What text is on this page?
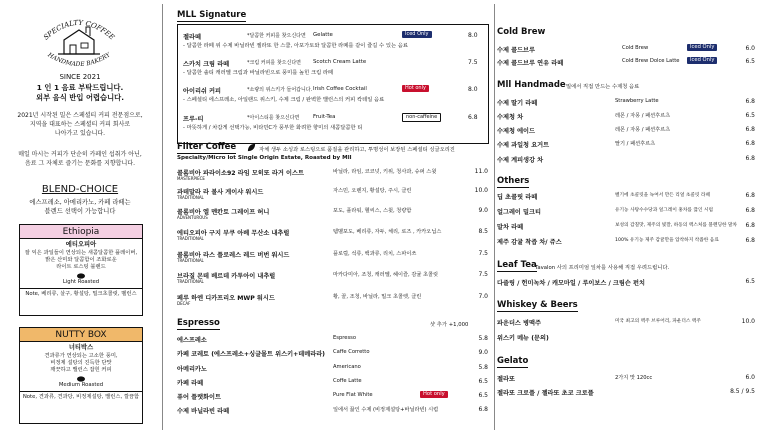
SPECIALTY COFFEE
HANDMADE BAKERY
SINCE 2021
1 인 1 음료 부탁드립니다.
외부 음식 반입 어렵습니다.
2021년 시작된 밀은 스페셜티 커피 전문점으로,
지역을 대표하는 스페셜티 커피 회사로
나아가고 있습니다.
매일 마시는 커피가 단순히 카페인 섭취가 아닌,
음료 그 자체로 즐기는 문화를 지향합니다.
BLEND-CHOICE
에스프레소, 아메리카노, 카페 라떼는
블렌드 선택이 가능합니다
Ethiopia
에티오피아
잘 익은 과일들이 연상되는 새콤달콤한 플레이버,
밝은 산미와 달콤함이 조화로운
라이트 로스팅 블렌드
Light Roasted
Note, 베리류, 살구, 황설탕, 밀크초콜릿, 벨런스
NUTTY BOX
너티박스
견과류가 연상되는 고소한 풍미,
비정제 설탕의 진득한 단맛
깨끗하고 밸런스 잡힌 커피
Medium Roasted
Note, 견과류, 견과당, 비정제설탕, 밸런스, 깔끔함
MLL Signature
젤라떼	*달콤한 커피를 찾으신다면 Gelatte	Iced Only	8.0
- 달콤한 라떼 위 수제 바닐라빈 젤라또 한 스쿱, 아포가토와 달콤한 라떼를 같이 즐길 수 있는 음료
스카치 크림 라떼	*크림 커피를 찾으신다면 Scotch Cream Latte	7.5
- 달콤한 솔티 캐러멜 크림과 바닐라빈으로 풍미를 높힌 크림 라떼
아이리쉬 커피	*소량의 위스키가 들어갑니다. Irish Coffee Cocktail	Hot only	8.0
- 스페셜티 에스프레소, 아일랜드 위스키, 수제 크림 / 완벽한 밸런스의 커피 칵테일 음료
프루-티	*아이스티를 찾으신다면	Fruit-Tea	non-caffeine	6.8
- 마뜻하게 / 차갑게 선택가능, 비타민C가 풍부한 화려한 향미의 새콤달콤한 티
Filter Coffee	자체 생두 소싱과 로스팅으로 품질을 관리하고, 투명성이 보장된 스페셜티 싱글오리진
Specialty/Micro lot Single Origin Estate, Roasted by Mll
콜롬비아 파라이소92 라임 모히또 라거 이스트
MASTERPIECE
바닐라, 라임, 코코넛, 키위, 청사과, 슈퍼 스윗	11.0
과테말라 라 볼사 게이샤 워시드
TRADITIONAL
자스민, 오렌지, 황설탕, 주시, 클린	10.0
콜롬비아 엘 멘칸토 그레이프 허니
ADVENTUROUS
포도, 플라워, 헬씨스, 스윗, 청량함	9.0
에티오피아 구지 부쿠 아베 무산소 내추럴
TRADITIONAL
템벨포도, 베리류, 자두, 체리, 로즈 , 카카오닙스	8.5
콜롬비아 라스 플로레스 레드 버번 워시드
TRADITIONAL
플로럴, 석류, 백과류, 리치, 스파이쓰	7.5
브라질 몬테 베르데 카투아이 내추럴
TRADITIONAL
마카다미아, 조청, 캐러멜, 헤이즐, 감귤 초콜릿	7.5
페루 하엔 디카프리오 MWP 워시드
DECAF
황, 꿀, 조청, 바닐라, 밀크 초콜렛, 클린	7.0
Espresso	샷 추가 +1,000
에스프레소	Espresso	5.8
카페 코레토 (에스프레소+싱글몰트 위스키+데메라라) Caffe Corretto	9.0
아메리카노	Americano	5.8
카페 라떼	Coffe Latte	6.5
퓨어 플랫화이트	Pure Flat White	Hot only	6.5
수제 바닐라빈 라떼	일에서 끓인 수제 (비정제설탕+바닐라빈) 시럽	6.8
Cold Brew
수제 콜드브루	Cold Brew	Iced Only	6.0
수제 콜드브루 연유 라떼	Cold Brew Dolce Latte	Iced Only	6.5
Mll Handmade 밀에서 직접 만드는 수제청 음료
수제 딸기 라떼	Strawberry Latte	6.8
수제청 차	레몬 / 자몽 / 패션후르츠	6.5
수제청 에이드	레몬 / 자몽 / 패션후르츠	6.8
수제 과일청 요거트	딸기 / 패션후르츠	6.8
수제 계피생강 차	6.8
Others
딥 초콜릿 라떼	벨기에 초콜릿을 녹여서 만든 리얼 초콜릿 라떼	6.8
얼그레이 밀크티	유기농 사탕수수당과 얼그레이 홍차를 끓인 시럽	6.8
말차 라떼	보성의 감칠맛, 제주의 빛깔, 하동의 맥스처를 블렌딩한 말차 6.8
제주 감귤 착즙 차/ 쥬스	100% 유기농 제주 감귤만을 압착하지 착즙한 음료	6.8
Leaf Tea
Tavalon 사의 프리미엄 잎차를 사용해 직접 우려드립니다.
다즐링 / 헌미녹차 / 캐모마일 / 루이보스 / 크림슨 펀치	6.5
Whiskey & Beers
파운더스 병맥주	미국 최고의 맥주 브루어리, 파운더스 맥주	10.0
위스키 메뉴 (문의)
Gelato
젤라또	2가지 맛 120cc	6.0
젤라또 크로플 / 젤라또 초코 크로플	8.5 / 9.5
